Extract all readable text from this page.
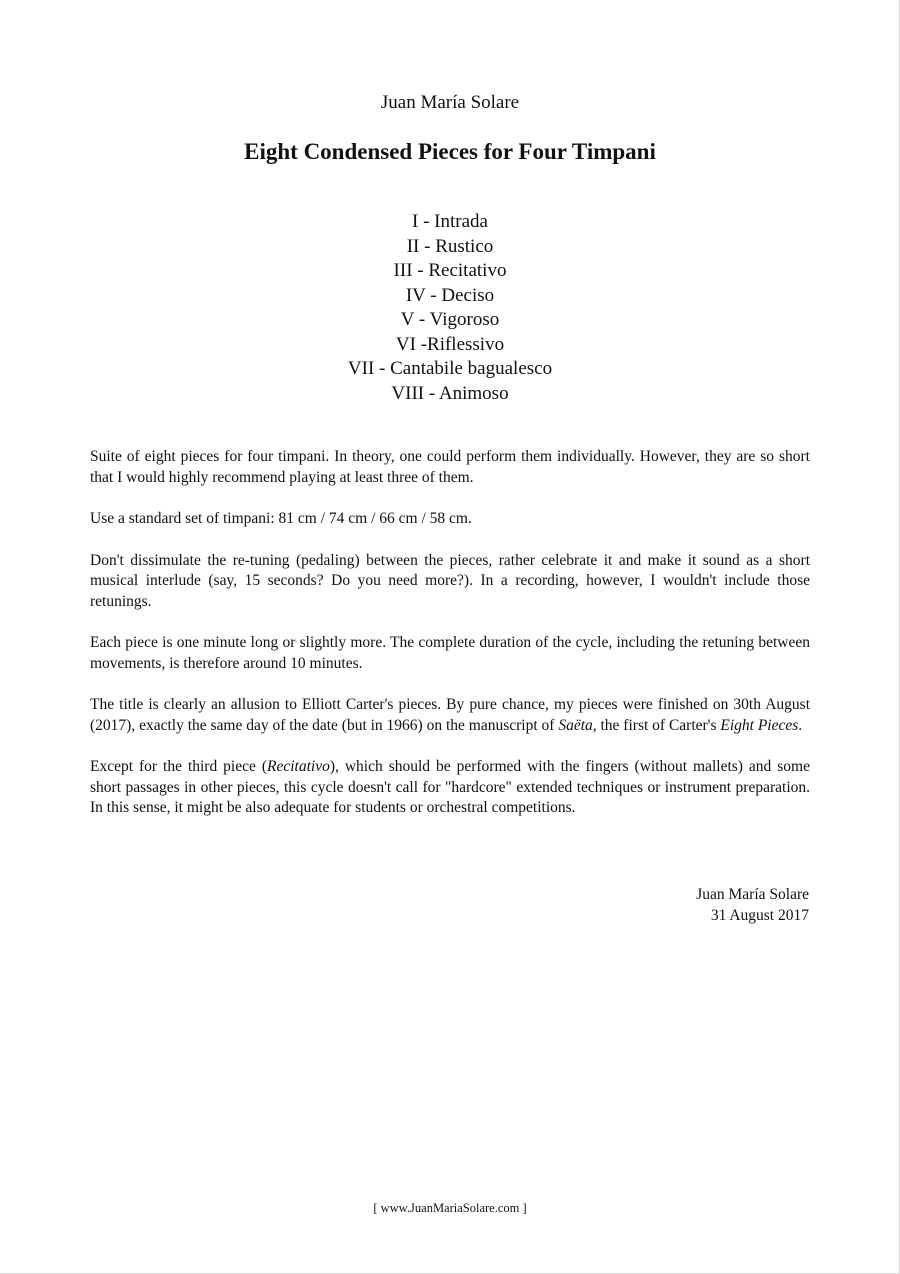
Juan María Solare
Eight Condensed Pieces for Four Timpani
I - Intrada
II - Rustico
III - Recitativo
IV - Deciso
V - Vigoroso
VI -Riflessivo
VII - Cantabile bagualesco
VIII - Animoso

Suite of eight pieces for four timpani. In theory, one could perform them individually. However, they are so short that I would highly recommend playing at least three of them.

Use a standard set of timpani: 81 cm / 74 cm / 66 cm / 58 cm.

Don't dissimulate the re-tuning (pedaling) between the pieces, rather celebrate it and make it sound as a short musical interlude (say, 15 seconds? Do you need more?). In a recording, however, I wouldn't include those retunings.

Each piece is one minute long or slightly more. The complete duration of the cycle, including the retuning between movements, is therefore around 10 minutes.

The title is clearly an allusion to Elliott Carter's pieces. By pure chance, my pieces were finished on 30th August (2017), exactly the same day of the date (but in 1966) on the manuscript of Saëta, the first of Carter's Eight Pieces.

Except for the third piece (Recitativo), which should be performed with the fingers (without mallets) and some short passages in other pieces, this cycle doesn't call for "hardcore" extended techniques or instrument preparation. In this sense, it might be also adequate for students or orchestral competitions.

Juan María Solare
31 August 2017
[ www.JuanMariaSolare.com ]
